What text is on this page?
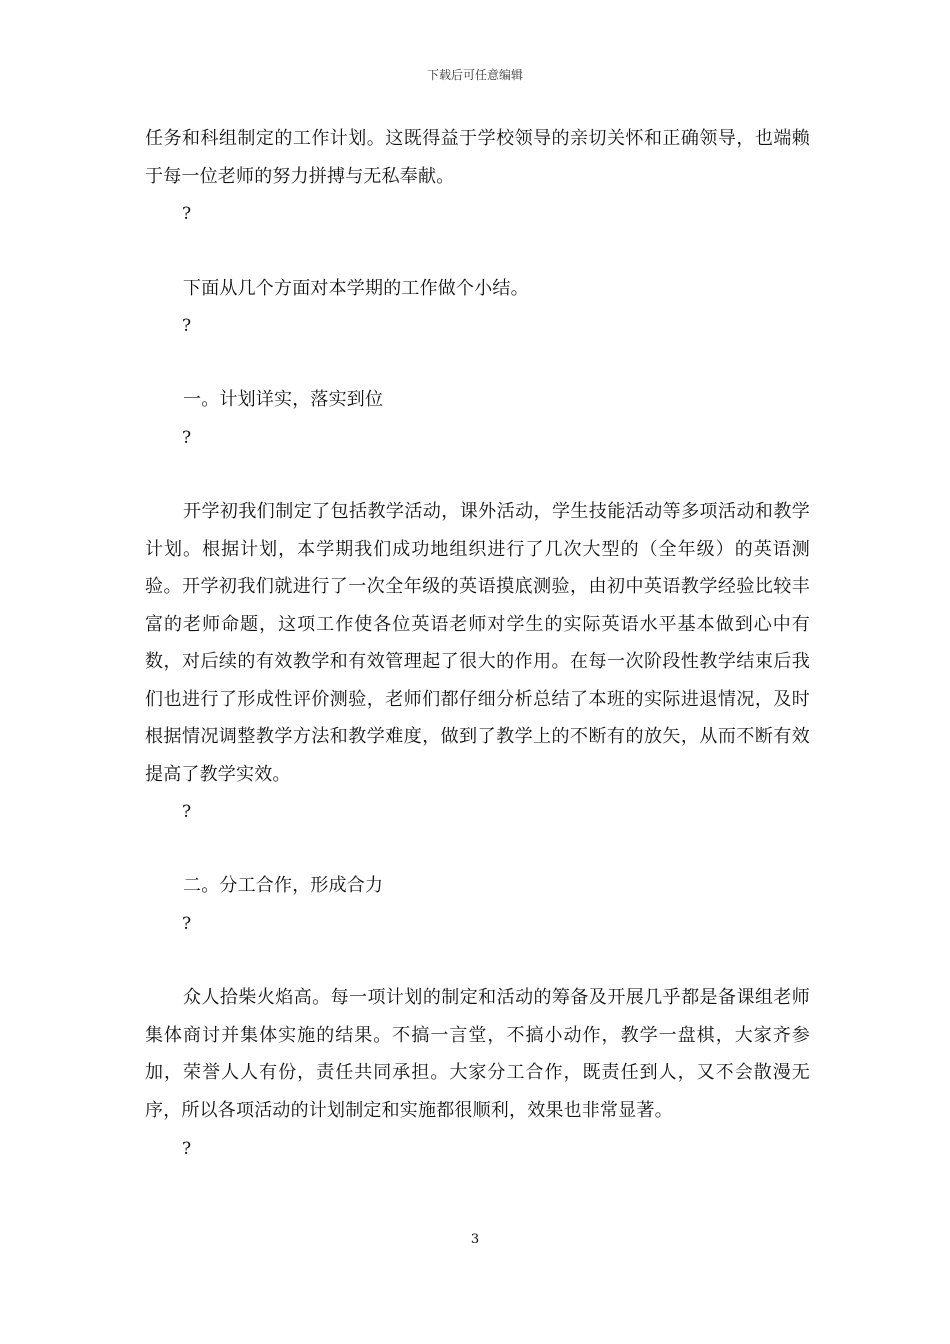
下载后可任意编辑

任务和科组制定的工作计划。这既得益于学校领导的亲切关怀和正确领导，也端赖于每一位老师的努力拼搏与无私奉献。

?

下面从几个方面对本学期的工作做个小结。

?

一。计划详实，落实到位

?

开学初我们制定了包括教学活动，课外活动，学生技能活动等多项活动和教学计划。根据计划，本学期我们成功地组织进行了几次大型的（全年级）的英语测验。开学初我们就进行了一次全年级的英语摸底测验，由初中英语教学经验比较丰富的老师命题，这项工作使各位英语老师对学生的实际英语水平基本做到心中有数，对后续的有效教学和有效管理起了很大的作用。在每一次阶段性教学结束后我们也进行了形成性评价测验，老师们都仔细分析总结了本班的实际进退情况，及时根据情况调整教学方法和教学难度，做到了教学上的不断有的放矢，从而不断有效提高了教学实效。

?

二。分工合作，形成合力

?

众人拾柴火焰高。每一项计划的制定和活动的筹备及开展几乎都是备课组老师集体商讨并集体实施的结果。不搞一言堂，不搞小动作，教学一盘棋，大家齐参加，荣誉人人有份，责任共同承担。大家分工合作，既责任到人，又不会散漫无序，所以各项活动的计划制定和实施都很顺利，效果也非常显著。

?
3
